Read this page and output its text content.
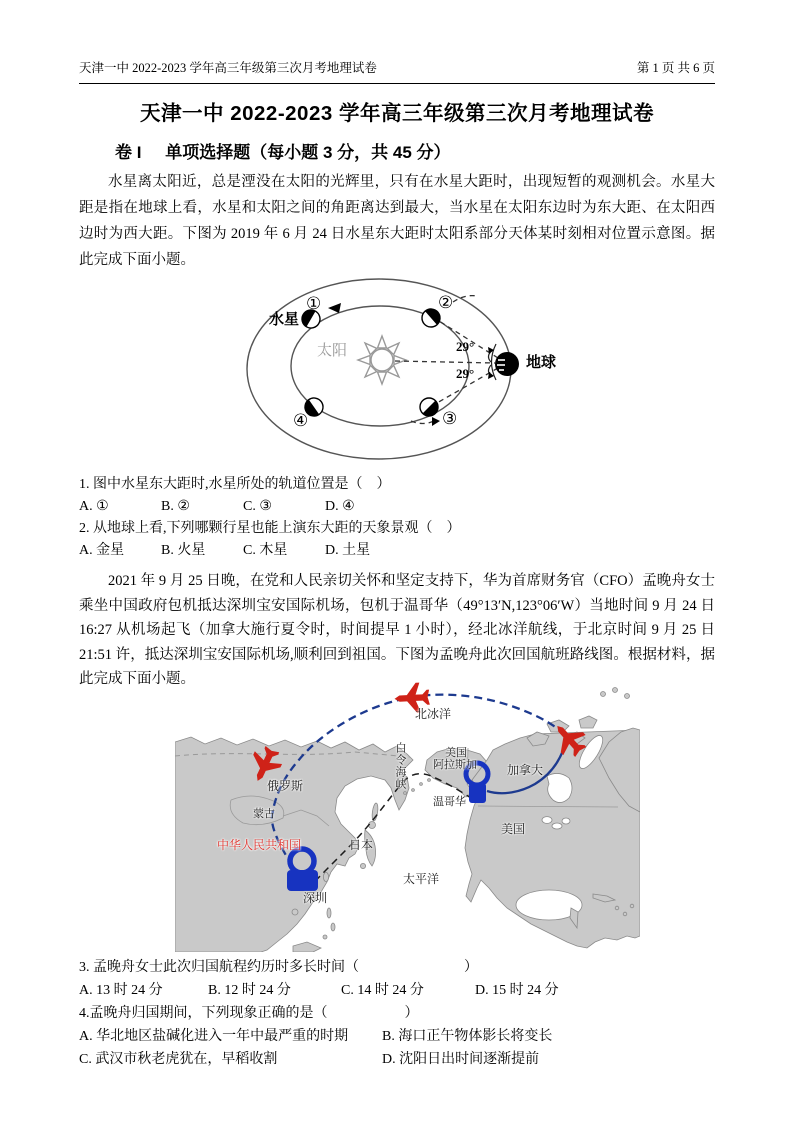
天津一中 2022-2023 学年高三年级第三次月考地理试卷	第 1 页 共 6 页
天津一中 2022-2023 学年高三年级第三次月考地理试卷
卷 I 单项选择题（每小题 3 分，共 45 分）

水星离太阳近，总是湮没在太阳的光辉里，只有在水星大距时，出现短暂的观测机会。水星大距是指在地球上看，水星和太阳之间的角距离达到最大，当水星在太阳东边时为东大距、在太阳西边时为西大距。下图为 2019 年 6 月 24 日水星东大距时太阳系部分天体某时刻相对位置示意图。据此完成下面小题。

水星
太阳
地球
①	②
③
④
29°
29°
1. 图中水星东大距时,水星所处的轨道位置是（    ）
A. ①	B. ②	C. ③	D. ④
2. 从地球上看,下列哪颗行星也能上演东大距的天象景观（    ）
A. 金星	B. 火星	C. 木星	D. 土星

2021 年 9 月 25 日晚，在党和人民亲切关怀和坚定支持下，华为首席财务官（CFO）孟晚舟女士乘坐中国政府包机抵达深圳宝安国际机场，包机于温哥华（49°13′N,123°06′W）当地时间 9 月 24 日 16:27 从机场起飞（加拿大施行夏令时，时间提早 1 小时），经北冰洋航线，于北京时间 9 月 25 日 21:51 许，抵达深圳宝安国际机场,顺利回到祖国。下图为孟晚舟此次回国航班路线图。根据材料，据此完成下面小题。

北冰洋
白令海峡	美国
阿拉斯加	加拿大
俄罗斯
蒙古
温哥华
中华人民共和国	日本
太平洋
美国
深圳
3. 孟晚舟女士此次归国航程约历时多长时间（                              ）
A. 13 时 24 分	B. 12 时 24 分	C. 14 时 24 分	D. 15 时 24 分
4.孟晚舟归国期间，下列现象正确的是（                      ）
A. 华北地区盐碱化进入一年中最严重的时期	B. 海口正午物体影长将变长
C. 武汉市秋老虎犹在，早稻收割	D. 沈阳日出时间逐渐提前
